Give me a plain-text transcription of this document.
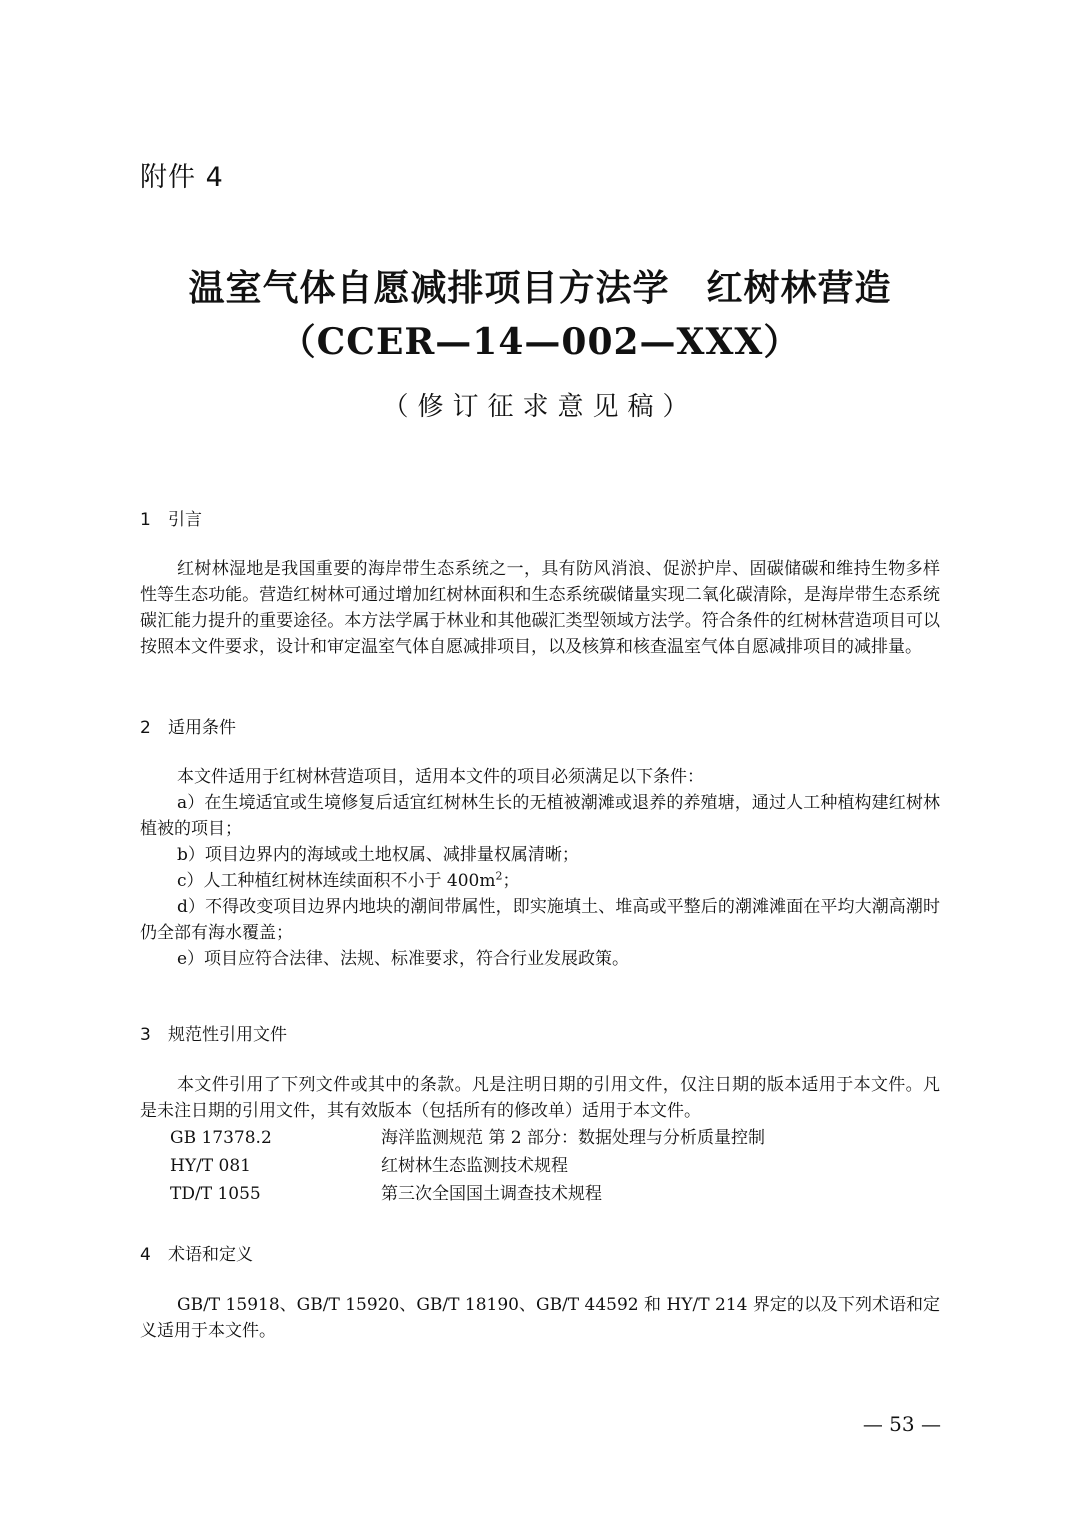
附件 4
温室气体自愿减排项目方法学　红树林营造
（CCER—14—002—XXX）
（修订征求意见稿）
1 引言
红树林湿地是我国重要的海岸带生态系统之一，具有防风消浪、促淤护岸、固碳储碳和维持生物多样性等生态功能。营造红树林可通过增加红树林面积和生态系统碳储量实现二氧化碳清除，是海岸带生态系统碳汇能力提升的重要途径。本方法学属于林业和其他碳汇类型领域方法学。符合条件的红树林营造项目可以按照本文件要求，设计和审定温室气体自愿减排项目，以及核算和核查温室气体自愿减排项目的减排量。
2 适用条件
本文件适用于红树林营造项目，适用本文件的项目必须满足以下条件：
a）在生境适宜或生境修复后适宜红树林生长的无植被潮滩或退养的养殖塘，通过人工种植构建红树林植被的项目；
b）项目边界内的海域或土地权属、减排量权属清晰；
c）人工种植红树林连续面积不小于 $400m^2$；
d）不得改变项目边界内地块的潮间带属性，即实施填土、堆高或平整后的潮滩滩面在平均大潮高潮时仍全部有海水覆盖；
e）项目应符合法律、法规、标准要求，符合行业发展政策。
3 规范性引用文件
本文件引用了下列文件或其中的条款。凡是注明日期的引用文件，仅注日期的版本适用于本文件。凡是未注日期的引用文件，其有效版本（包括所有的修改单）适用于本文件。
GB 17378.2	海洋监测规范 第 2 部分：数据处理与分析质量控制
HY/T 081	红树林生态监测技术规程
TD/T 1055	第三次全国国土调查技术规程
4 术语和定义
GB/T 15918、GB/T 15920、GB/T 18190、GB/T 44592 和 HY/T 214 界定的以及下列术语和定义适用于本文件。
— 53 —
